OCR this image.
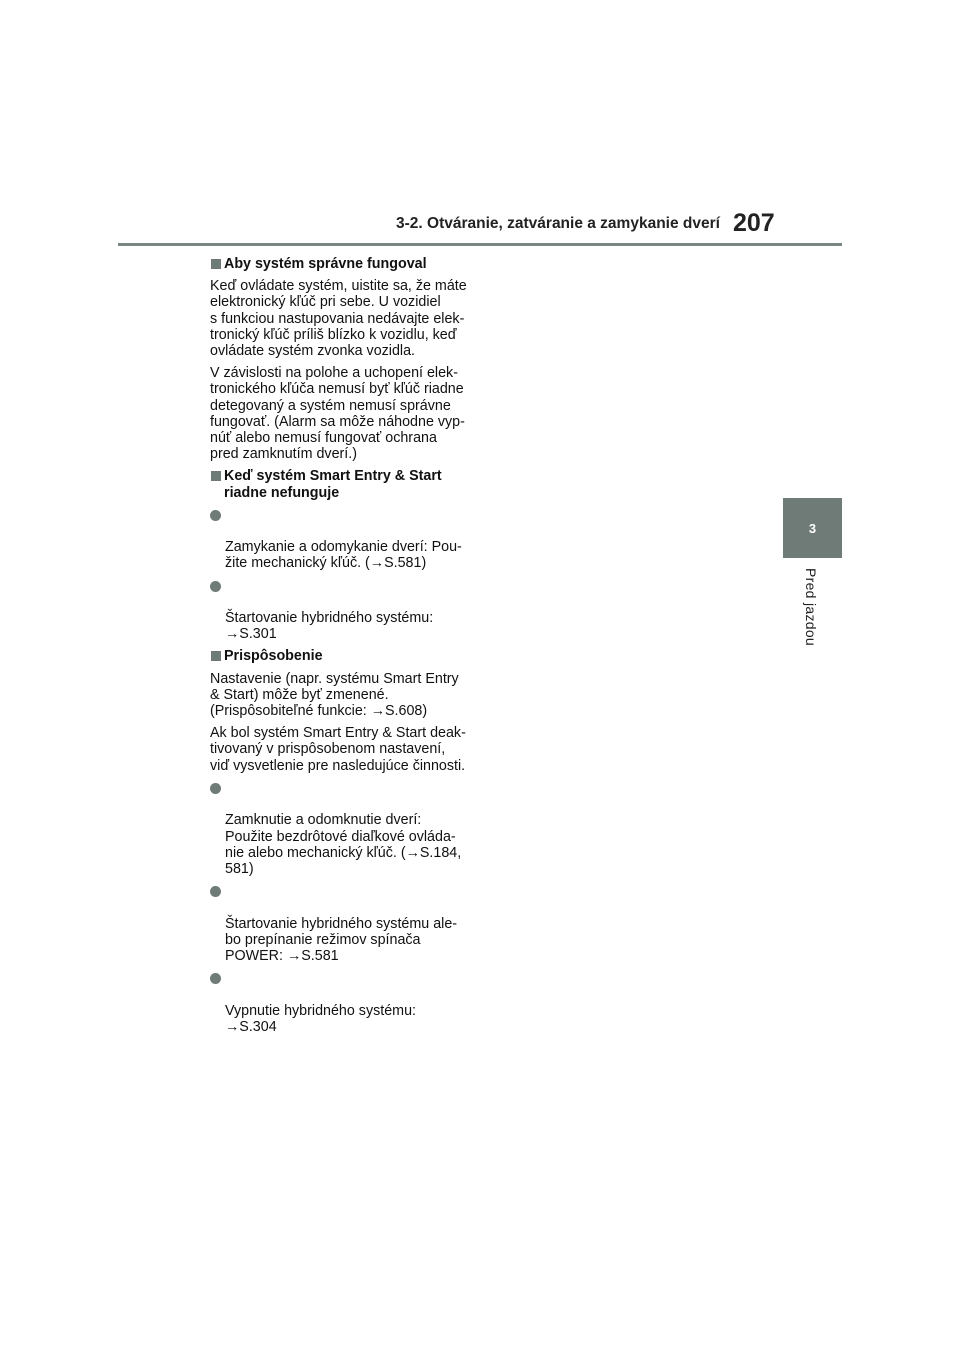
3-2. Otváranie, zatváranie a zamykanie dverí 207
3
Pred jazdou
Aby systém správne fungoval
Keď ovládate systém, uistite sa, že máte
elektronický kľúč pri sebe. U vozidiel
s funkciou nastupovania nedávajte elek-
tronický kľúč príliš blízko k vozidlu, keď
ovládate systém zvonka vozidla.
V závislosti na polohe a uchopení elek-
tronického kľúča nemusí byť kľúč riadne
detegovaný a systém nemusí správne
fungovať. (Alarm sa môže náhodne vyp-
núť alebo nemusí fungovať ochrana
pred zamknutím dverí.)
Keď systém Smart Entry & Start
riadne nefunguje

Zamykanie a odomykanie dverí: Pou-
žite mechanický kľúč. (→S.581)

Štartovanie hybridného systému:
→S.301

Prispôsobenie
Nastavenie (napr. systému Smart Entry
& Start) môže byť zmenené.
(Prispôsobiteľné funkcie: →S.608)
Ak bol systém Smart Entry & Start deak-
tivovaný v prispôsobenom nastavení,
viď vysvetlenie pre nasledujúce činnosti.

Zamknutie a odomknutie dverí:
Použite bezdrôtové diaľkové ovláda-
nie alebo mechanický kľúč. (→S.184,
581)

Štartovanie hybridného systému ale-
bo prepínanie režimov spínača
POWER: →S.581

Vypnutie hybridného systému:
→S.304
